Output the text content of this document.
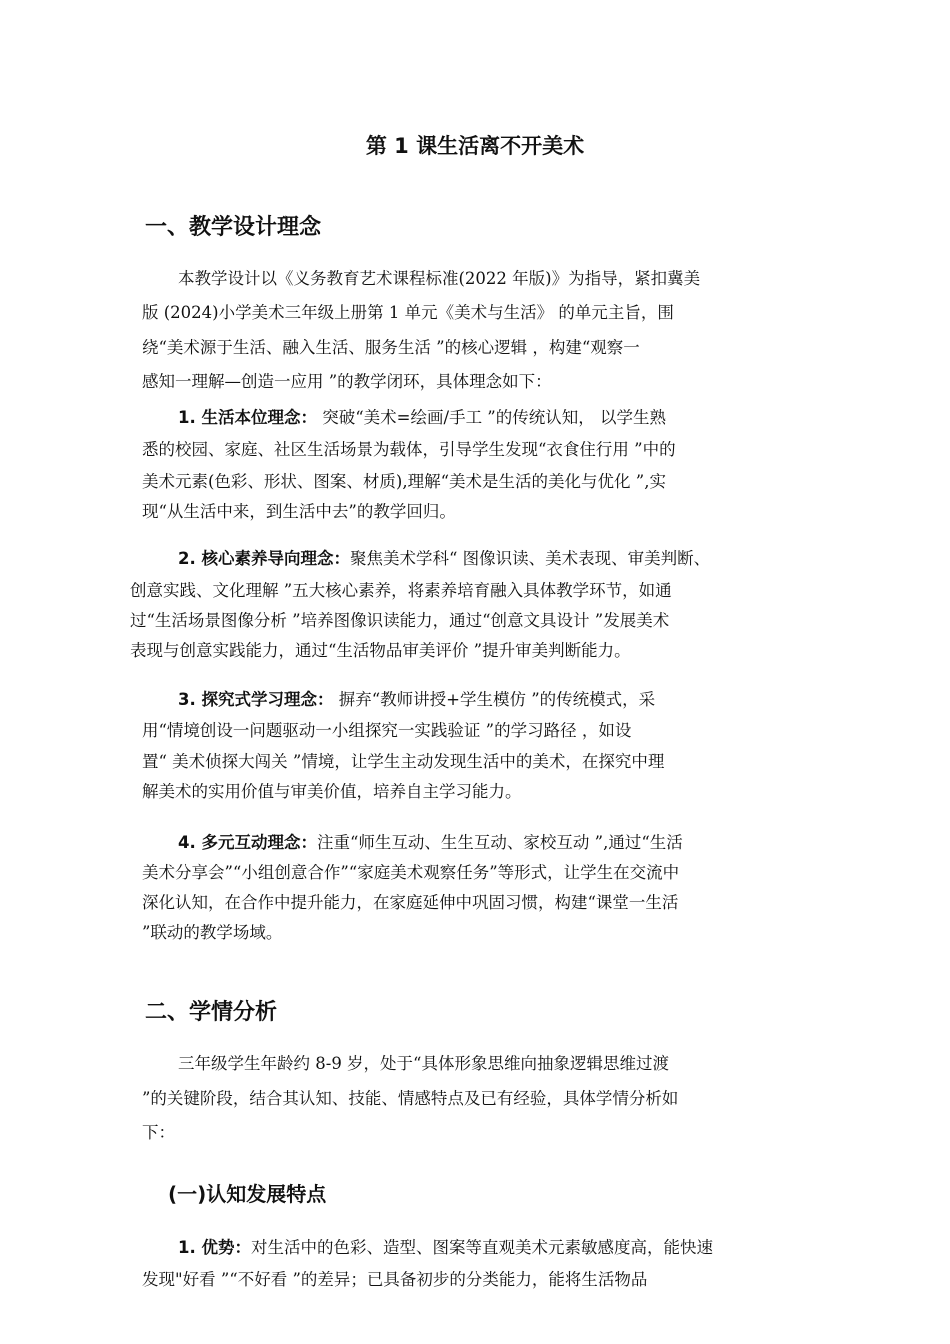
第 1 课生活离不开美术
一、教学设计理念
本教学设计以《义务教育艺术课程标准(2022 年版)》为指导，紧扣冀美
版 (2024)小学美术三年级上册第 1 单元《美术与生活》 的单元主旨，围
绕“美术源于生活、融入生活、服务生活 ”的核心逻辑 ，构建“观察一
感知一理解—创造一应用 ”的教学闭环，具体理念如下：
1. 生活本位理念： 突破“美术=绘画/手工 ”的传统认知， 以学生熟
悉的校园、家庭、社区生活场景为载体，引导学生发现“衣食住行用 ”中的
美术元素(色彩、形状、图案、材质),理解“美术是生活的美化与优化 ”,实
现“从生活中来，到生活中去”的教学回归。
2. 核心素养导向理念：聚焦美术学科“ 图像识读、美术表现、审美判断、
创意实践、文化理解 ”五大核心素养，将素养培育融入具体教学环节，如通
过“生活场景图像分析 ”培养图像识读能力，通过“创意文具设计 ”发展美术
表现与创意实践能力，通过“生活物品审美评价 ”提升审美判断能力。
3. 探究式学习理念： 摒弃“教师讲授+学生模仿 ”的传统模式，采
用“情境创设一问题驱动一小组探究一实践验证 ”的学习路径 ，如设
置“ 美术侦探大闯关 ”情境，让学生主动发现生活中的美术，在探究中理
解美术的实用价值与审美价值，培养自主学习能力。
4. 多元互动理念：注重“师生互动、生生互动、家校互动 ”,通过“生活
美术分享会”“小组创意合作”“家庭美术观察任务”等形式，让学生在交流中
深化认知，在合作中提升能力，在家庭延伸中巩固习惯，构建“课堂一生活
”联动的教学场域。
二、学情分析
三年级学生年龄约 8-9 岁，处于“具体形象思维向抽象逻辑思维过渡
”的关键阶段，结合其认知、技能、情感特点及已有经验，具体学情分析如
下：
(一)认知发展特点
1. 优势：对生活中的色彩、造型、图案等直观美术元素敏感度高，能快速
发现"好看 ”“不好看 ”的差异；已具备初步的分类能力，能将生活物品
